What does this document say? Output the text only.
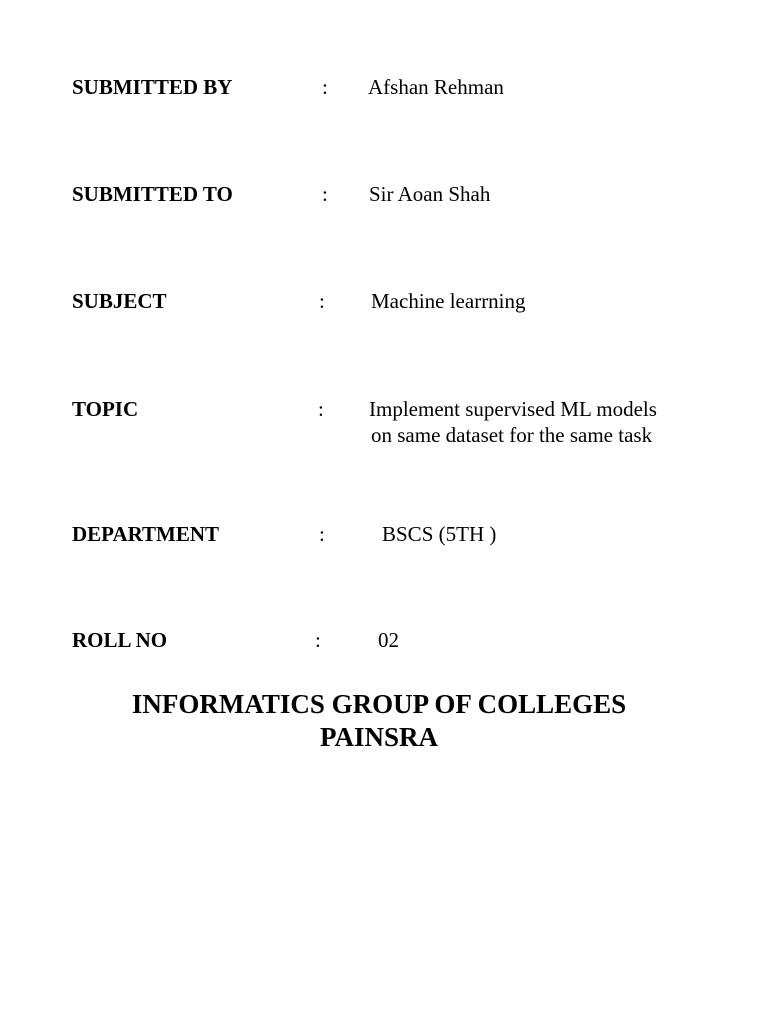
SUBMITTED BY	: Afshan Rehman
SUBMITTED TO	: Sir Aoan Shah
SUBJECT	: Machine learrning
TOPIC	: Implement supervised ML models
on same dataset for the same task
DEPARTMENT	:	BSCS (5TH )
ROLL NO	:	02
INFORMATICS GROUP OF COLLEGES
PAINSRA
